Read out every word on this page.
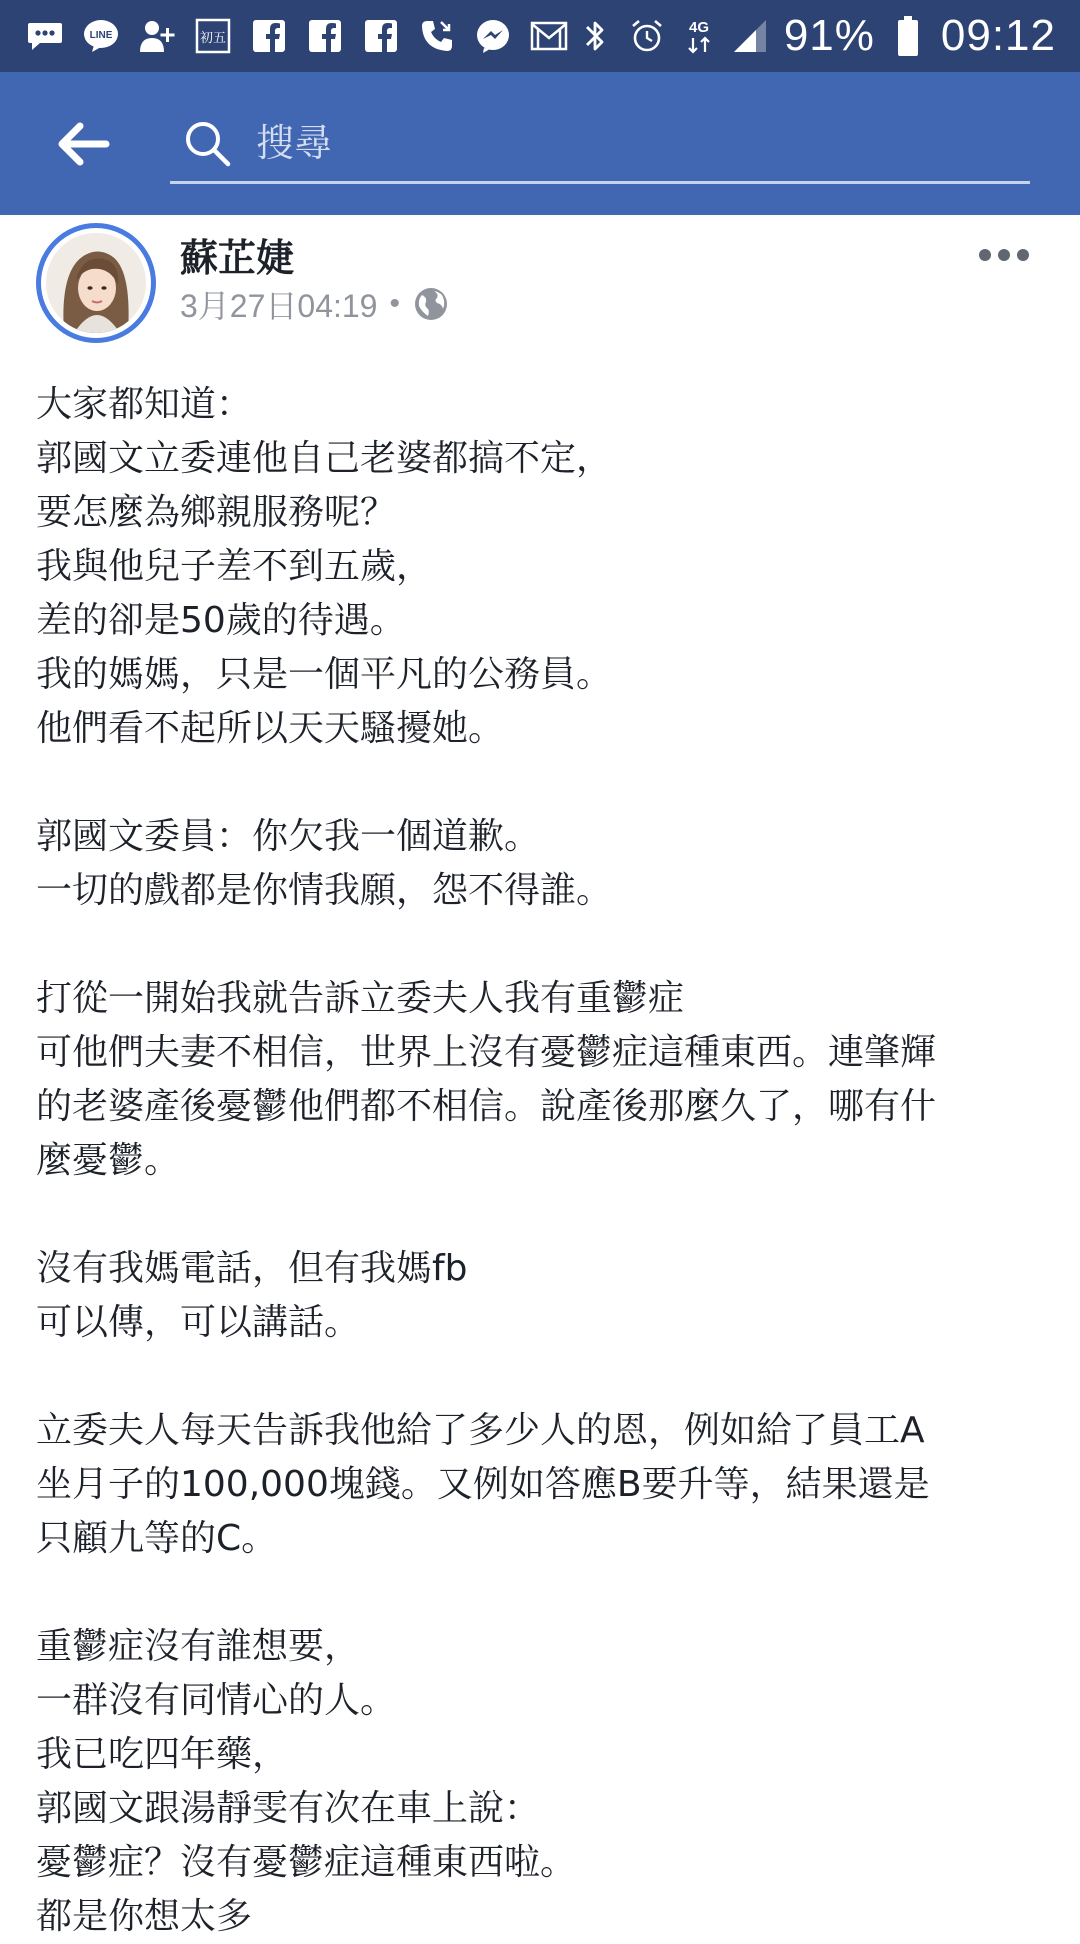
LINE	初五
4G 91% 09:12
搜尋
蘇芷婕
3月27日04:19 •
大家都知道：
郭國文立委連他自己老婆都搞不定，
要怎麼為鄉親服務呢？
我與他兒子差不到五歲，
差的卻是50歲的待遇。
我的媽媽，只是一個平凡的公務員。
他們看不起所以天天騷擾她。
郭國文委員：你欠我一個道歉。
一切的戲都是你情我願，怨不得誰。
打從一開始我就告訴立委夫人我有重鬱症
可他們夫妻不相信，世界上沒有憂鬱症這種東西。連肇輝
的老婆產後憂鬱他們都不相信。說產後那麼久了，哪有什
麼憂鬱。
沒有我媽電話，但有我媽fb
可以傳，可以講話。
立委夫人每天告訴我他給了多少人的恩，例如給了員工A
坐月子的100,000塊錢。又例如答應B要升等，結果還是
只顧九等的C。
重鬱症沒有誰想要，
一群沒有同情心的人。
我已吃四年藥，
郭國文跟湯靜雯有次在車上說：
憂鬱症？沒有憂鬱症這種東西啦。
都是你想太多
